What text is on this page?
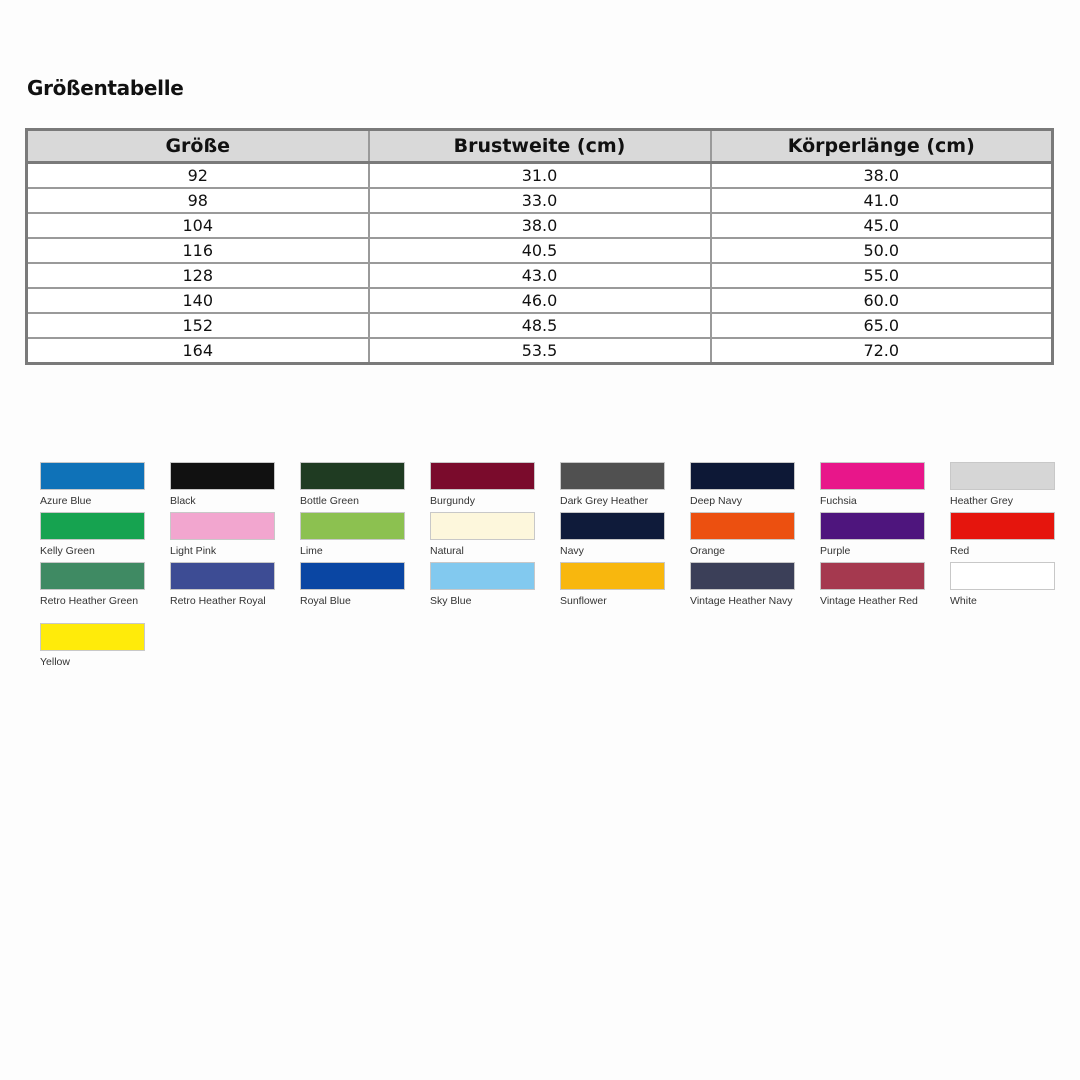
Größentabelle
Größe	Brustweite (cm)	Körperlänge (cm)
92	31.0	38.0
98	33.0	41.0
104	38.0	45.0
116	40.5	50.0
128	43.0	55.0
140	46.0	60.0
152	48.5	65.0
164	53.5	72.0
Azure Blue	Black	Bottle Green	Burgundy	Dark Grey Heather	Deep Navy	Fuchsia	Heather Grey
Kelly Green	Light Pink	Lime	Natural	Navy	Orange	Purple	Red
Retro Heather Green	Retro Heather Royal	Royal Blue	Sky Blue	Sunflower	Vintage Heather Navy	Vintage Heather Red	White
Yellow
